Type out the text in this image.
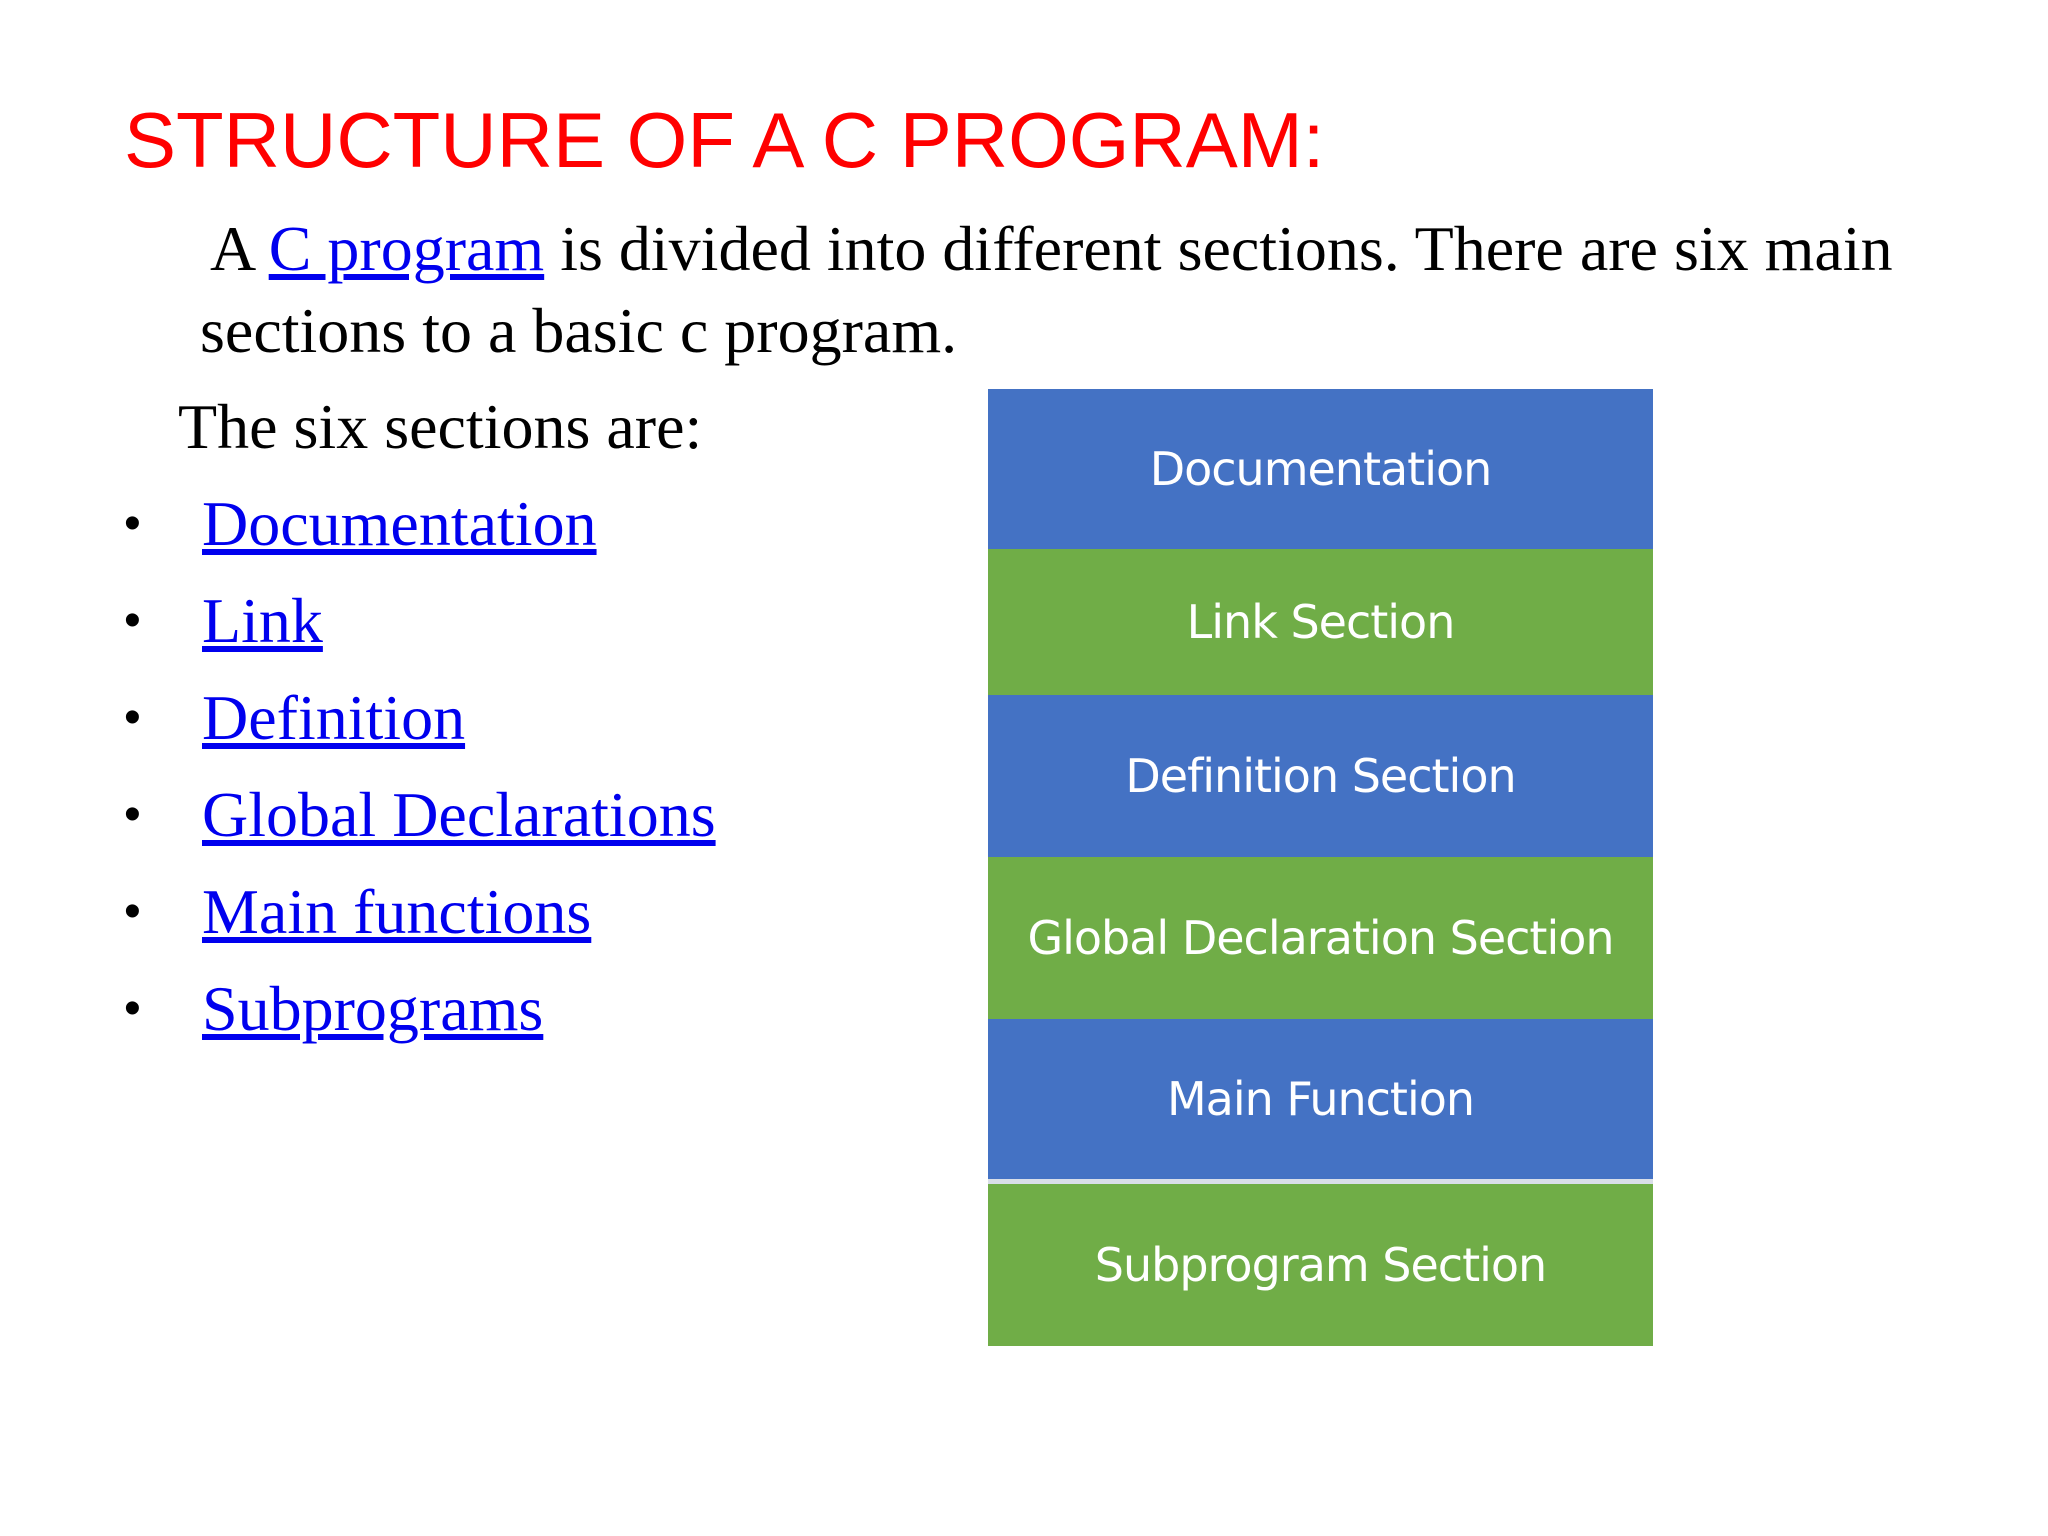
STRUCTURE OF A C PROGRAM:

A C program is divided into different sections. There are six main sections to a basic c program.

The six sections are:

• Documentation
• Link
• Definition
• Global Declarations
• Main functions
• Subprograms
Documentation
Link Section
Definition Section
Global Declaration Section
Main Function
Subprogram Section
